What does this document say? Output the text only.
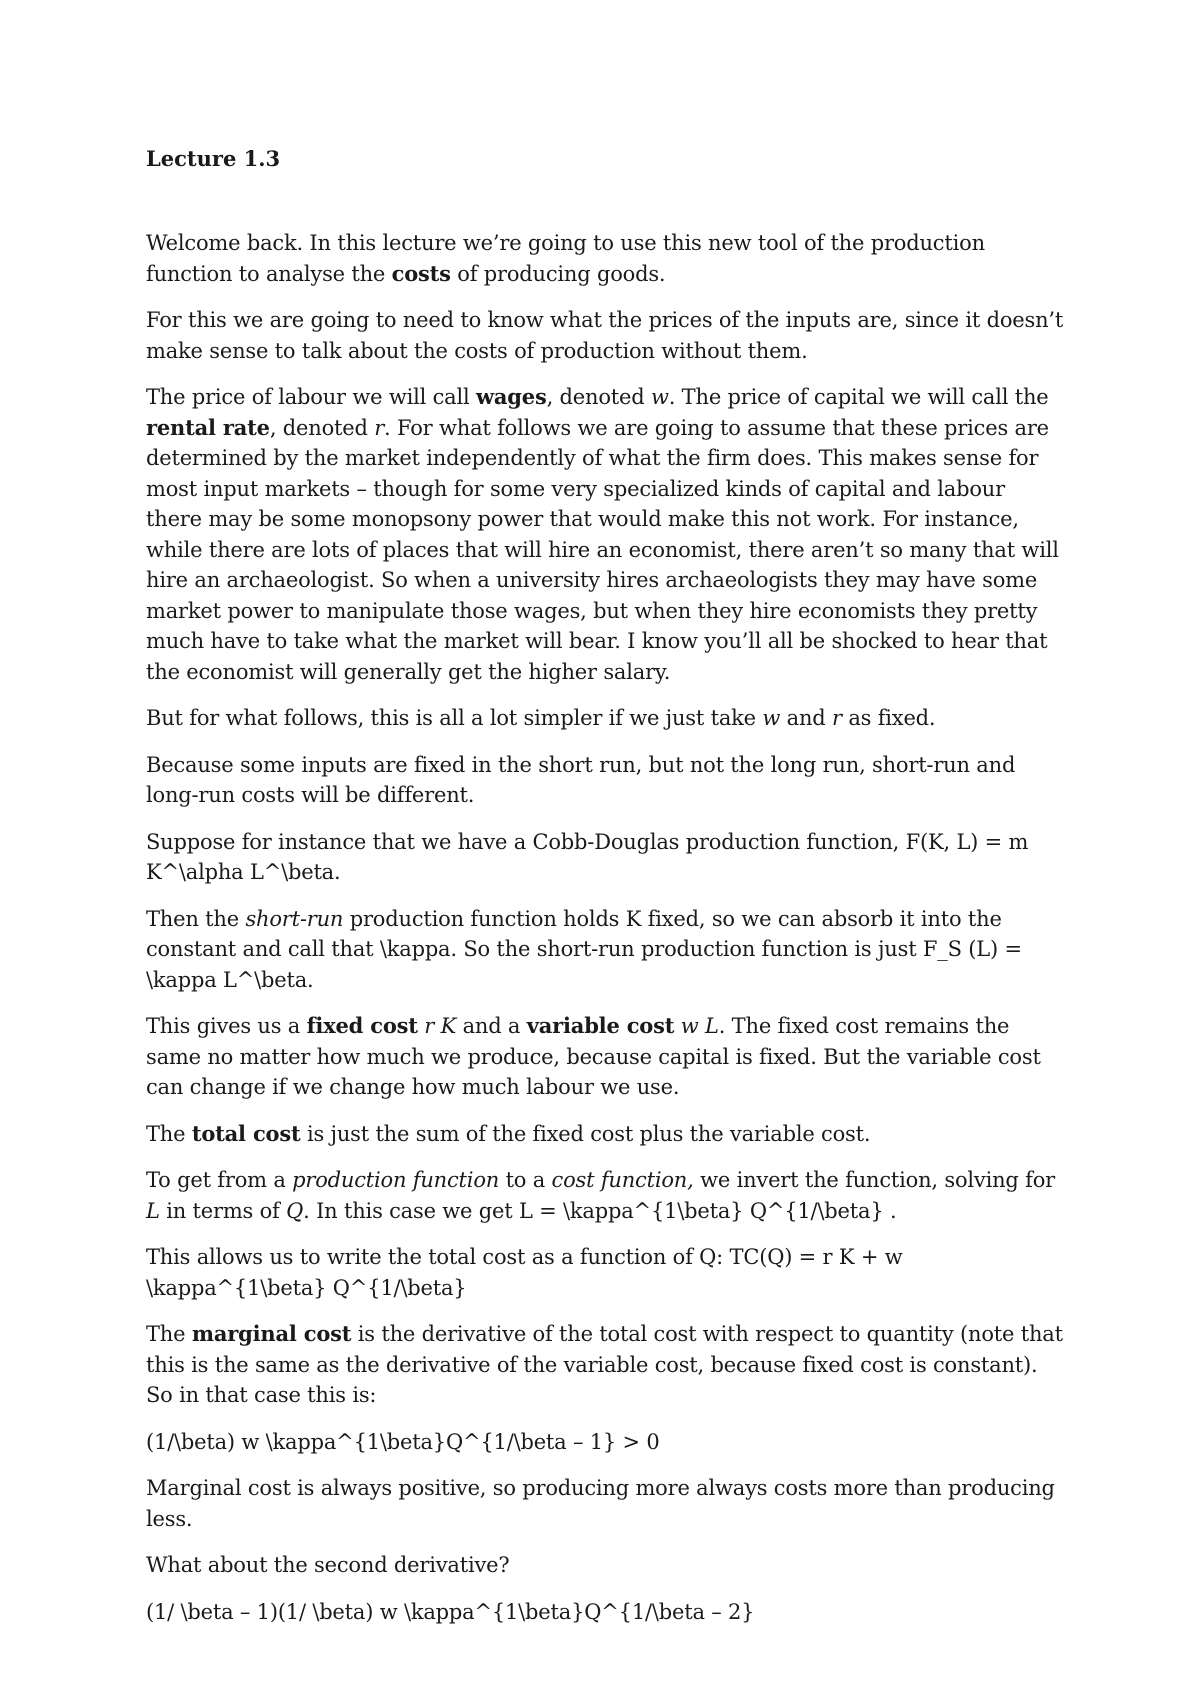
Lecture 1.3

Welcome back. In this lecture we’re going to use this new tool of the production function to analyse the costs of producing goods.

For this we are going to need to know what the prices of the inputs are, since it doesn’t make sense to talk about the costs of production without them.

The price of labour we will call wages, denoted w. The price of capital we will call the rental rate, denoted r. For what follows we are going to assume that these prices are determined by the market independently of what the firm does. This makes sense for most input markets – though for some very specialized kinds of capital and labour there may be some monopsony power that would make this not work. For instance, while there are lots of places that will hire an economist, there aren’t so many that will hire an archaeologist. So when a university hires archaeologists they may have some market power to manipulate those wages, but when they hire economists they pretty much have to take what the market will bear. I know you’ll all be shocked to hear that the economist will generally get the higher salary.

But for what follows, this is all a lot simpler if we just take w and r as fixed.

Because some inputs are fixed in the short run, but not the long run, short-run and long-run costs will be different.

Suppose for instance that we have a Cobb-Douglas production function, F(K, L) = m K^\alpha L^\beta.

Then the short-run production function holds K fixed, so we can absorb it into the constant and call that \kappa. So the short-run production function is just F_S (L) = \kappa L^\beta.

This gives us a fixed cost r K and a variable cost w L. The fixed cost remains the same no matter how much we produce, because capital is fixed. But the variable cost can change if we change how much labour we use.

The total cost is just the sum of the fixed cost plus the variable cost.

To get from a production function to a cost function, we invert the function, solving for L in terms of Q. In this case we get L = \kappa^{1\beta} Q^{1/\beta} .

This allows us to write the total cost as a function of Q: TC(Q) = r K + w \kappa^{1\beta} Q^{1/\beta}

The marginal cost is the derivative of the total cost with respect to quantity (note that this is the same as the derivative of the variable cost, because fixed cost is constant). So in that case this is:

(1/\beta) w \kappa^{1\beta}Q^{1/\beta – 1} > 0

Marginal cost is always positive, so producing more always costs more than producing less.

What about the second derivative?

(1/ \beta – 1)(1/ \beta) w \kappa^{1\beta}Q^{1/\beta – 2}
